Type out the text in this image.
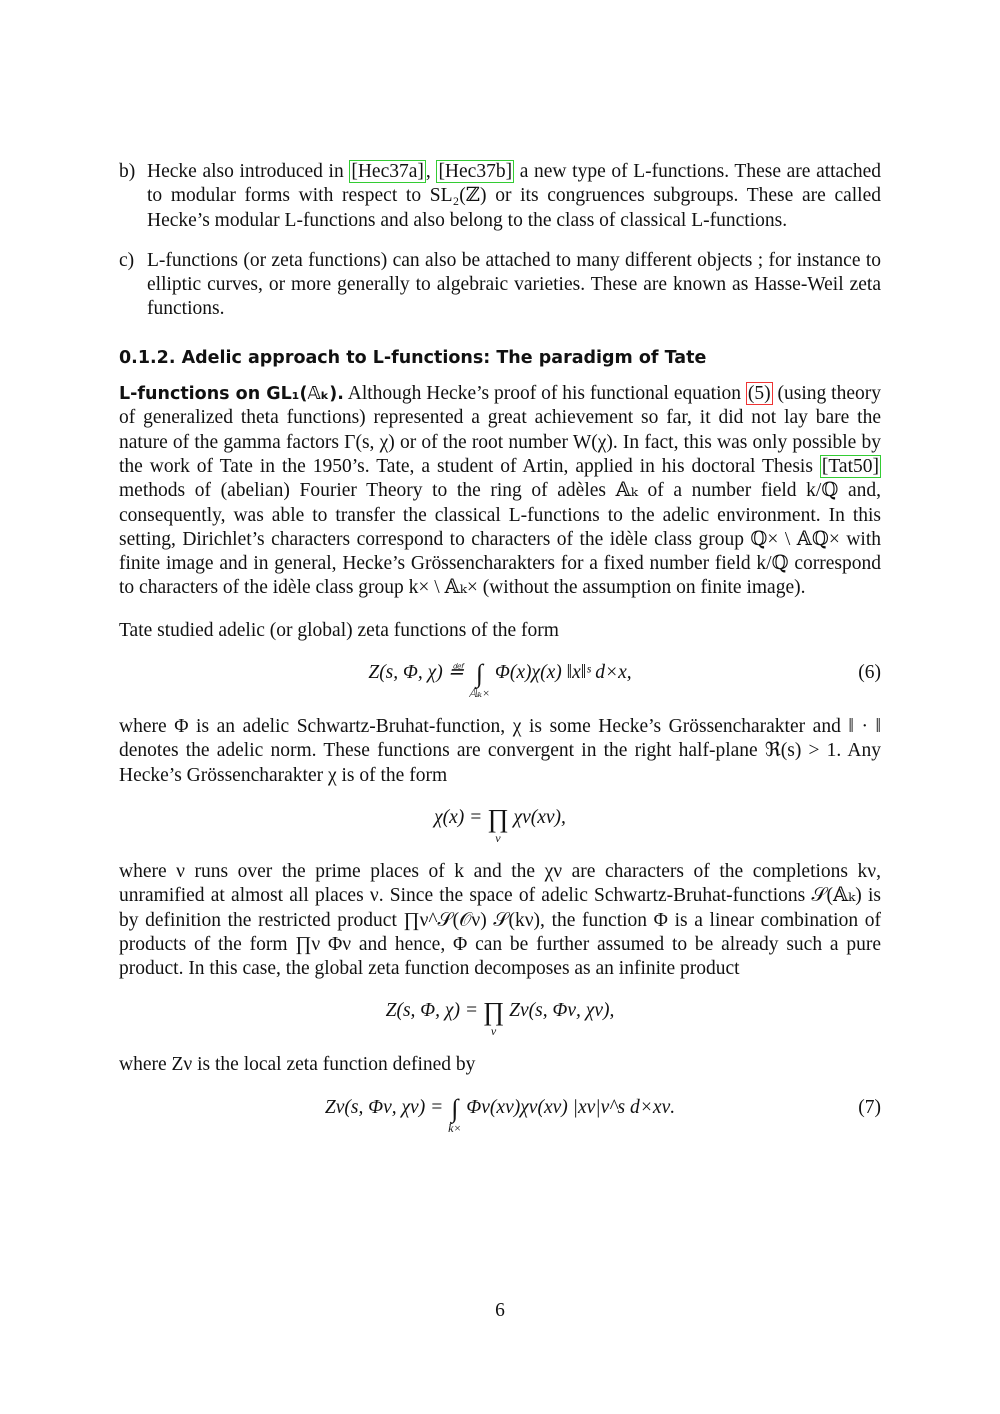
b) Hecke also introduced in [Hec37a] , [Hec37b] a new type of L-functions. These are attached to modular forms with respect to SL₂(ℤ) or its congruences subgroups. These are called Hecke’s modular L-functions and also belong to the class of classical L-functions.
c) L-functions (or zeta functions) can also be attached to many different objects ; for instance to elliptic curves, or more generally to algebraic varieties. These are known as Hasse-Weil zeta functions.
0.1.2. Adelic approach to L-functions: The paradigm of Tate

L-functions on GL₁(𝔸ₖ). Although Hecke’s proof of his functional equation (5) (using theory of generalized theta functions) represented a great achievement so far, it did not lay bare the nature of the gamma factors Γ(s, χ) or of the root number W(χ). In fact, this was only possible by the work of Tate in the 1950’s. Tate, a student of Artin, applied in his doctoral Thesis [Tat50] methods of (abelian) Fourier Theory to the ring of adèles 𝔸ₖ of a number field k/ℚ and, consequently, was able to transfer the classical L-functions to the adelic environment. In this setting, Dirichlet’s characters correspond to characters of the idèle class group ℚ× \ 𝔸ℚ× with finite image and in general, Hecke’s Grössencharakters for a fixed number field k/ℚ correspond to characters of the idèle class group k× \ 𝔸ₖ× (without the assumption on finite image).

Tate studied adelic (or global) zeta functions of the form

Z(s, Φ, χ) ≝ ∫
𝔸ₖ×
Φ(x)χ(x) ‖x‖ˢ d×x,	(6)

where Φ is an adelic Schwartz-Bruhat-function, χ is some Hecke’s Grössencharakter and ‖ · ‖ denotes the adelic norm. These functions are convergent in the right half-plane ℜ(s) > 1. Any Hecke’s Grössencharakter χ is of the form

χ(x) = ∏
ν
χν(xν),

where ν runs over the prime places of k and the χν are characters of the completions kν, unramified at almost all places ν. Since the space of adelic Schwartz-Bruhat-functions 𝒮(𝔸ₖ) is by definition the restricted product ∏ν^𝒮(𝒪ν) 𝒮(kν), the function Φ is a linear combination of products of the form ∏ν Φν and hence, Φ can be further assumed to be already such a pure product. In this case, the global zeta function decomposes as an infinite product

Z(s, Φ, χ) = ∏
ν
Zν(s, Φν, χν),

where Zν is the local zeta function defined by

Zν(s, Φν, χν) = ∫
k×
Φν(xν)χν(xν) |xν|ν^s d×xν.	(7)
6
